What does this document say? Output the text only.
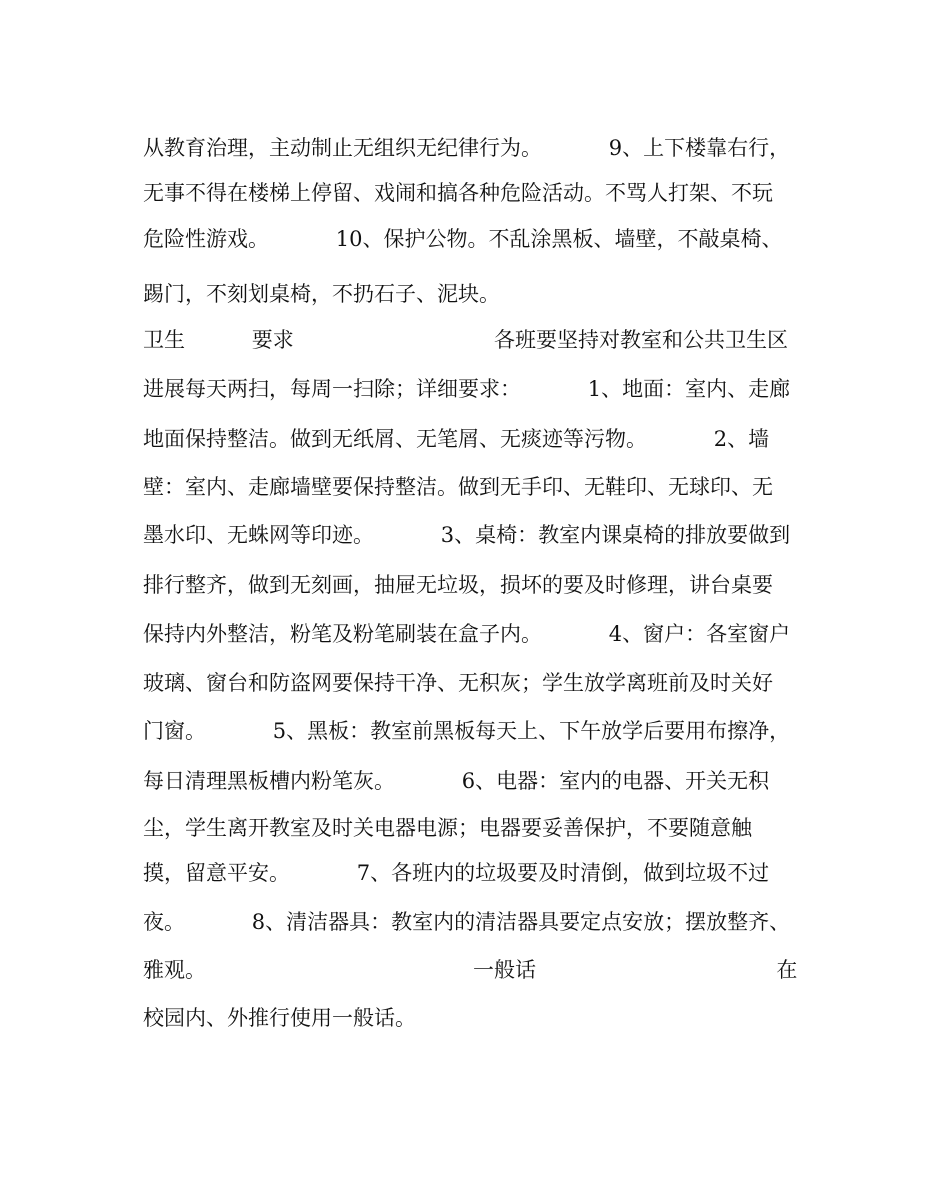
从教育治理，主动制止无组织无纪律行为。          9、上下楼靠右行，
无事不得在楼梯上停留、戏闹和搞各种危险活动。不骂人打架、不玩
危险性游戏。          10、保护公物。不乱涂黑板、墙壁，不敲桌椅、
踢门，不刻划桌椅，不扔石子、泥块。
卫生          要求                              各班要坚持对教室和公共卫生区
进展每天两扫，每周一扫除；详细要求：          1、地面：室内、走廊
地面保持整洁。做到无纸屑、无笔屑、无痰迹等污物。          2、墙
壁：室内、走廊墙壁要保持整洁。做到无手印、无鞋印、无球印、无
墨水印、无蛛网等印迹。          3、桌椅：教室内课桌椅的排放要做到
排行整齐，做到无刻画，抽屉无垃圾，损坏的要及时修理，讲台桌要
保持内外整洁，粉笔及粉笔刷装在盒子内。          4、窗户：各室窗户
玻璃、窗台和防盗网要保持干净、无积灰；学生放学离班前及时关好
门窗。          5、黑板：教室前黑板每天上、下午放学后要用布擦净，
每日清理黑板槽内粉笔灰。          6、电器：室内的电器、开关无积
尘，学生离开教室及时关电器电源；电器要妥善保护，不要随意触
摸，留意平安。          7、各班内的垃圾要及时清倒，做到垃圾不过
夜。          8、清洁器具：教室内的清洁器具要定点安放；摆放整齐、
雅观。                                        一般话                                    在
校园内、外推行使用一般话。
